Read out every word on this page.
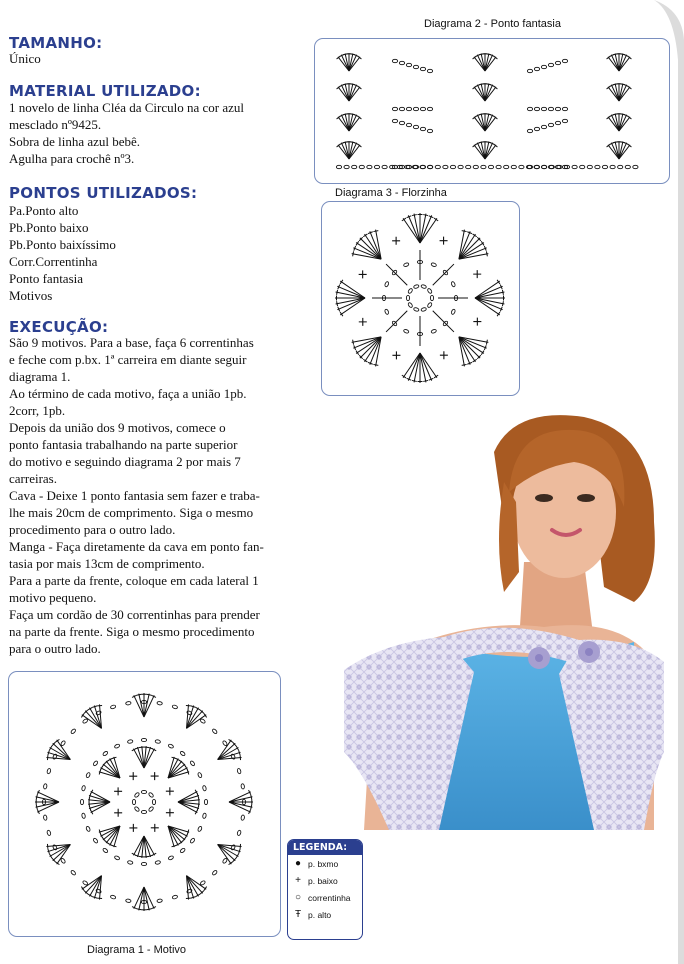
TAMANHO:
Único
MATERIAL UTILIZADO:
1 novelo de linha Cléa da Circulo na cor azul
mesclado nº9425.
Sobra de linha azul bebê.
Agulha para crochê nº3.
PONTOS UTILIZADOS:
Pa.Ponto alto
Pb.Ponto baixo
Pb.Ponto baixíssimo
Corr.Correntinha
Ponto fantasia
Motivos
EXECUÇÃO:
São 9 motivos. Para a base, faça 6 correntinhas
e feche com p.bx. 1ª carreira em diante seguir
diagrama 1.
Ao término de cada motivo, faça a união 1pb.
2corr, 1pb.
Depois da união dos 9 motivos, comece o
ponto fantasia trabalhando na parte superior
do motivo e seguindo diagrama 2 por mais 7
carreiras.
Cava - Deixe 1 ponto fantasia sem fazer e traba-
lhe mais 20cm de comprimento. Siga o mesmo
procedimento para o outro lado.
Manga - Faça diretamente da cava em ponto fan-
tasia por mais 13cm de comprimento.
Para a parte da frente, coloque em cada lateral 1
motivo pequeno.
Faça um cordão de 30 correntinhas para prender
na parte da frente. Siga o mesmo procedimento
para o outro lado.
Diagrama 2 - Ponto fantasia
Diagrama 3 - Florzinha
Diagrama 1 - Motivo
LEGENDA:
● p. bxmo
+ p. baixo
○ correntinha
Ŧ p. alto
